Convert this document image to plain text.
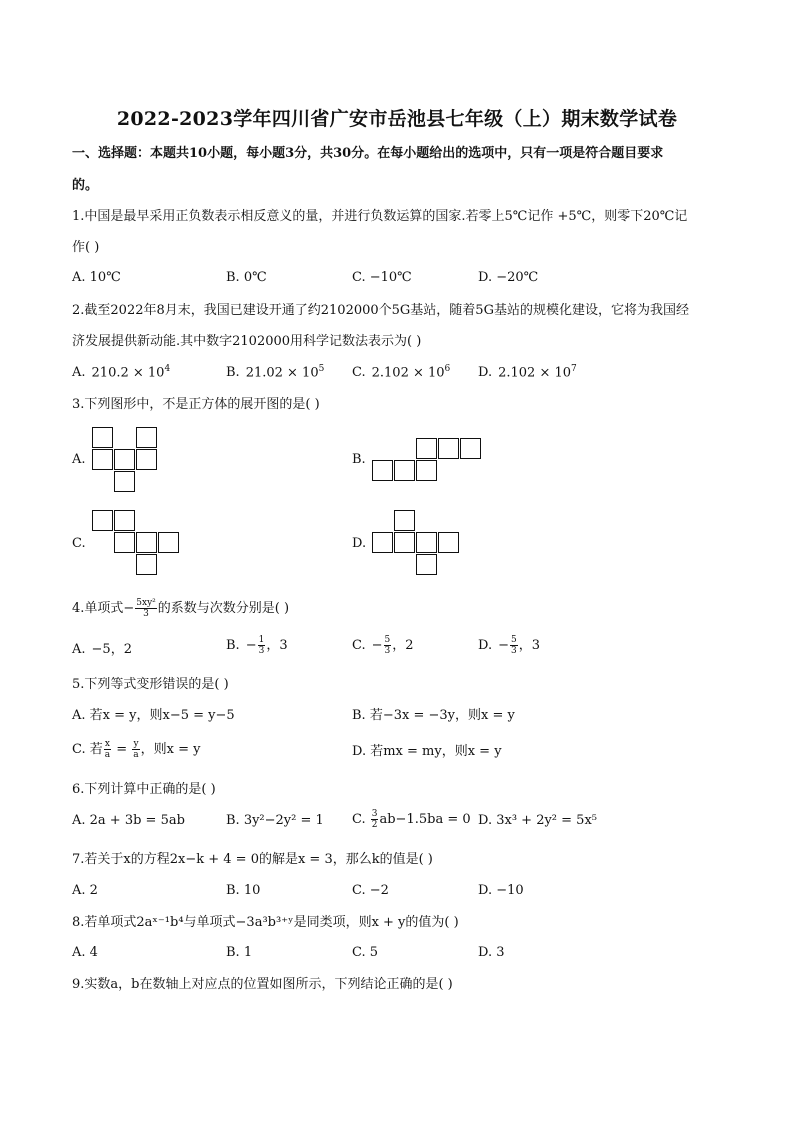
2022-2023学年四川省广安市岳池县七年级（上）期末数学试卷
一、选择题：本题共10小题，每小题3分，共30分。在每小题给出的选项中，只有一项是符合题目要求
的。
1.中国是最早采用正负数表示相反意义的量，并进行负数运算的国家.若零上5℃记作 +5℃，则零下20℃记
作( )
A. 10℃	B. 0℃	C. −10℃	D. −20℃
2.截至2022年8月末，我国已建设开通了约2102000个5G基站，随着5G基站的规模化建设，它将为我国经
济发展提供新动能.其中数字2102000用科学记数法表示为( )
A. $210.2 \times 10^4$	B. $21.02 \times 10^5$ C. $2.102 \times 10^6$ D. $2.102 \times 10^7$
3.下列图形中，不是正方体的展开图的是( )
A.	B.
C.	D.
4.单项式− $\frac{\text{5xy²}}{3}$ 的系数与次数分别是( )
A. −5，2	B. − $\frac{1}{3}$ ，3	C. − $\frac{5}{3}$ ，2	D. − $\frac{5}{3}$ ，3
5.下列等式变形错误的是( )
A. 若x = y，则x−5 = y−5	B. 若−3x = −3y，则x = y
C. 若 $\frac{x}{a} = \frac{y}{a}$ ，则x = y	D. 若mx = my，则x = y
6.下列计算中正确的是( )
A. 2a + 3b = 5ab	B. 3y²−2y² = 1 C. $\frac{3}{2} ab-1.5ba = 0$ D. 3x³ + 2y² = 5x⁵
7.若关于x的方程2x−k + 4 = 0的解是x = 3，那么k的值是( )
A. 2	B. 10	C. −2	D. −10
8.若单项式2aˣ⁻¹b⁴与单项式−3a³b³⁺ʸ是同类项，则x + y的值为( )
A. 4	B. 1	C. 5	D. 3
9.实数a，b在数轴上对应点的位置如图所示，下列结论正确的是( )
